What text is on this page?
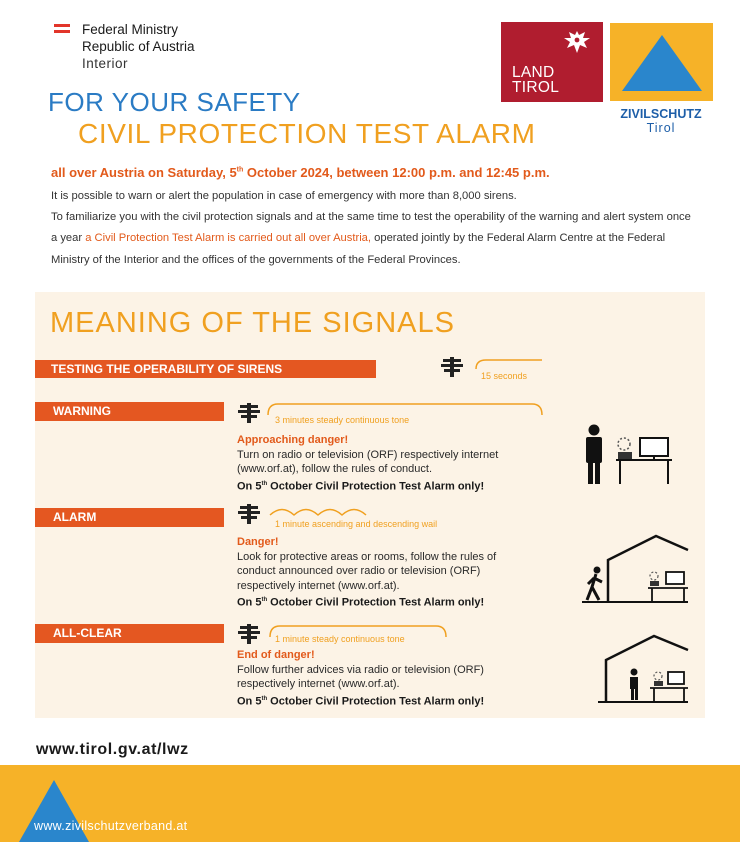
Federal Ministry
Republic of Austria
Interior
LAND
TIROL
ZIVILSCHUTZ
Tirol
FOR YOUR SAFETY
CIVIL PROTECTION TEST ALARM
all over Austria on Saturday, 5th October 2024, between 12:00 p.m. and 12:45 p.m.
It is possible to warn or alert the population in case of emergency with more than 8,000 sirens.
To familiarize you with the civil protection signals and at the same time to test the operability of the warning and alert system once a year a Civil Protection Test Alarm is carried out all over Austria, operated jointly by the Federal Alarm Centre at the Federal Ministry of the Interior and the offices of the governments of the Federal Provinces.
MEANING OF THE SIGNALS
TESTING THE OPERABILITY OF SIRENS	15 seconds
WARNING
3 minutes steady continuous tone
Approaching danger!
Turn on radio or television (ORF) respectively internet (www.orf.at), follow the rules of conduct.
On 5th October Civil Protection Test Alarm only!
ALARM	1 minute ascending and descending wail
Danger!
Look for protective areas or rooms, follow the rules of conduct announced over radio or television (ORF) respectively internet (www.orf.at).
On 5th October Civil Protection Test Alarm only!
ALL-CLEAR	1 minute steady continuous tone
End of danger!
Follow further advices via radio or television (ORF) respectively internet (www.orf.at).
On 5th October Civil Protection Test Alarm only!
www.tirol.gv.at/lwz
www.zivilschutzverband.at
